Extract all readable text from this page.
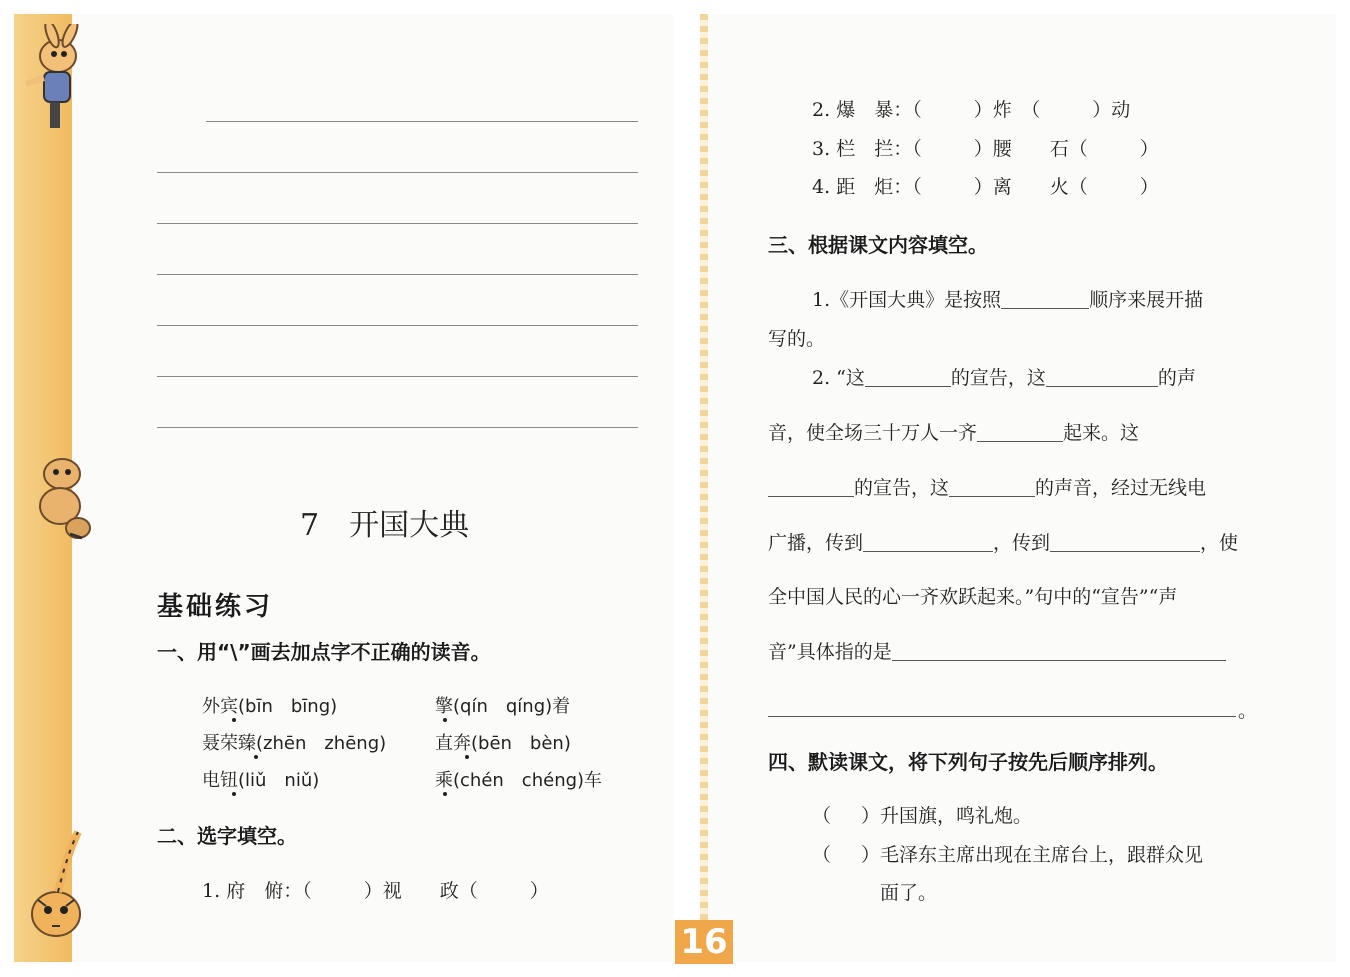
7　开国大典
基础练习
一、用“\”画去加点字不正确的读音。
外宾(bīn　bīng)	擎(qín　qíng)着
聂荣臻(zhēn　zhēng)	直奔(bēn　bèn)
电钮(liǔ　niǔ)	乘(chén　chéng)车
二、选字填空。
1. 府　俯：（	）视　　 政（	）
2. 爆　暴：（	）炸　 （	）动
3. 栏　拦：（	）腰　　 石（	）
4. 距　炬：（	）离　　 火（	）
三、根据课文内容填空。
1.《开国大典》是按照	顺序来展开描
写的。
2. “这	的宣告，这	的声
音，使全场三十万人一齐	起来。这
的宣告，这	的声音，经过无线电
广播，传到	，传到	，使
全中国人民的心一齐欢跃起来。”句中的“宣告”“声
音”具体指的是
。
四、默读课文，将下列句子按先后顺序排列。
（ ）升国旗，鸣礼炮。
（ ）毛泽东主席出现在主席台上，跟群众见
面了。
16
